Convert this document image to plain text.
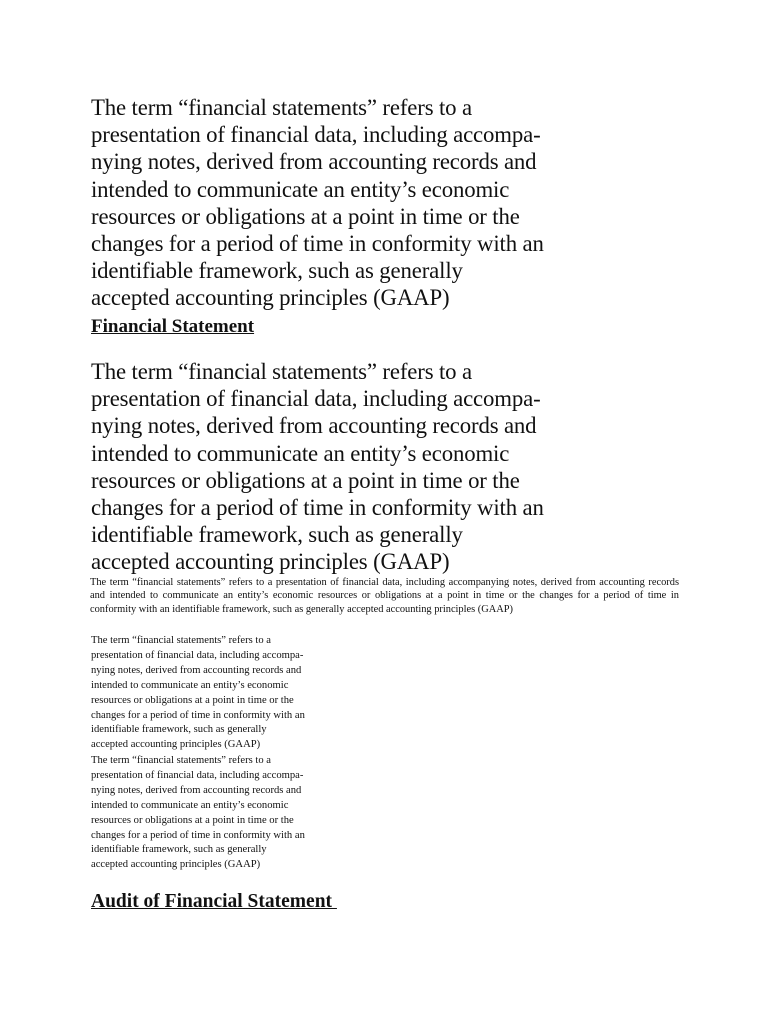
The term “financial statements” refers to a
presentation of financial data, including accompa-
nying notes, derived from accounting records and
intended to communicate an entity’s economic
resources or obligations at a point in time or the
changes for a period of time in conformity with an
identifiable framework, such as generally
accepted accounting principles (GAAP)
Financial Statement
The term “financial statements” refers to a
presentation of financial data, including accompa-
nying notes, derived from accounting records and
intended to communicate an entity’s economic
resources or obligations at a point in time or the
changes for a period of time in conformity with an
identifiable framework, such as generally
accepted accounting principles (GAAP)

The term “financial statements” refers to a presentation of financial data, including accompanying notes, derived from accounting records and intended to communicate an entity’s economic resources or obligations at a point in time or the changes for a period of time in conformity with an identifiable framework, such as generally accepted accounting principles (GAAP)

The term “financial statements” refers to a
presentation of financial data, including accompa-
nying notes, derived from accounting records and
intended to communicate an entity’s economic
resources or obligations at a point in time or the
changes for a period of time in conformity with an
identifiable framework, such as generally
accepted accounting principles (GAAP)
The term “financial statements” refers to a
presentation of financial data, including accompa-
nying notes, derived from accounting records and
intended to communicate an entity’s economic
resources or obligations at a point in time or the
changes for a period of time in conformity with an
identifiable framework, such as generally
accepted accounting principles (GAAP)
Audit of Financial Statement
